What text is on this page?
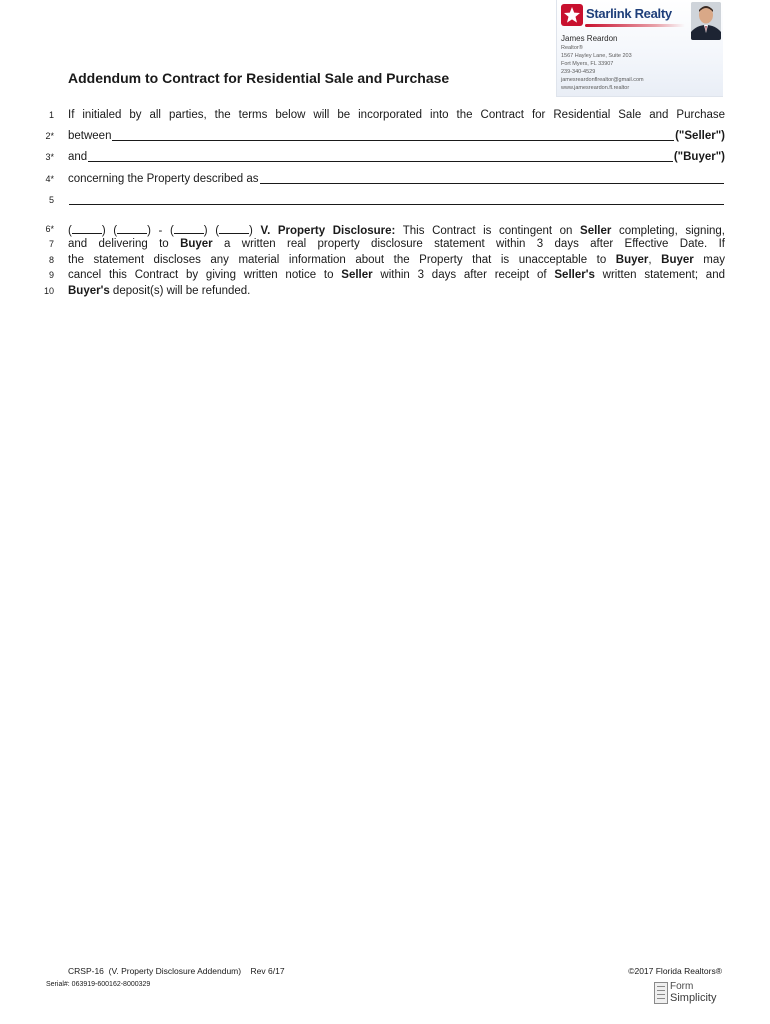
Starlink Realty
James Reardon
Realtor®
1567 Hayley Lane, Suite 203
Fort Myers, FL 33907
239-340-4529
jamesreardonflrealtor@gmail.com
www.jamesreardon.fl.realtor
Addendum to Contract for Residential Sale and Purchase
1 If initialed by all parties, the terms below will be incorporated into the Contract for Residential Sale and Purchase
2* between	("Seller")
3* and	("Buyer")
4* concerning the Property described as
5
6*
7
8
9
10
(	) (	) - (	) (	) V. Property Disclosure: This Contract is contingent on Seller completing, signing,
and delivering to Buyer a written real property disclosure statement within 3 days after Effective Date. If
the statement discloses any material information about the Property that is unacceptable to Buyer, Buyer may
cancel this Contract by giving written notice to Seller within 3 days after receipt of Seller's written statement; and
Buyer's deposit(s) will be refunded.
CRSP-16 (V. Property Disclosure Addendum) Rev 6/17	©2017 Florida Realtors®
Serial#: 063919-600162-8000329	Form
Simplicity
